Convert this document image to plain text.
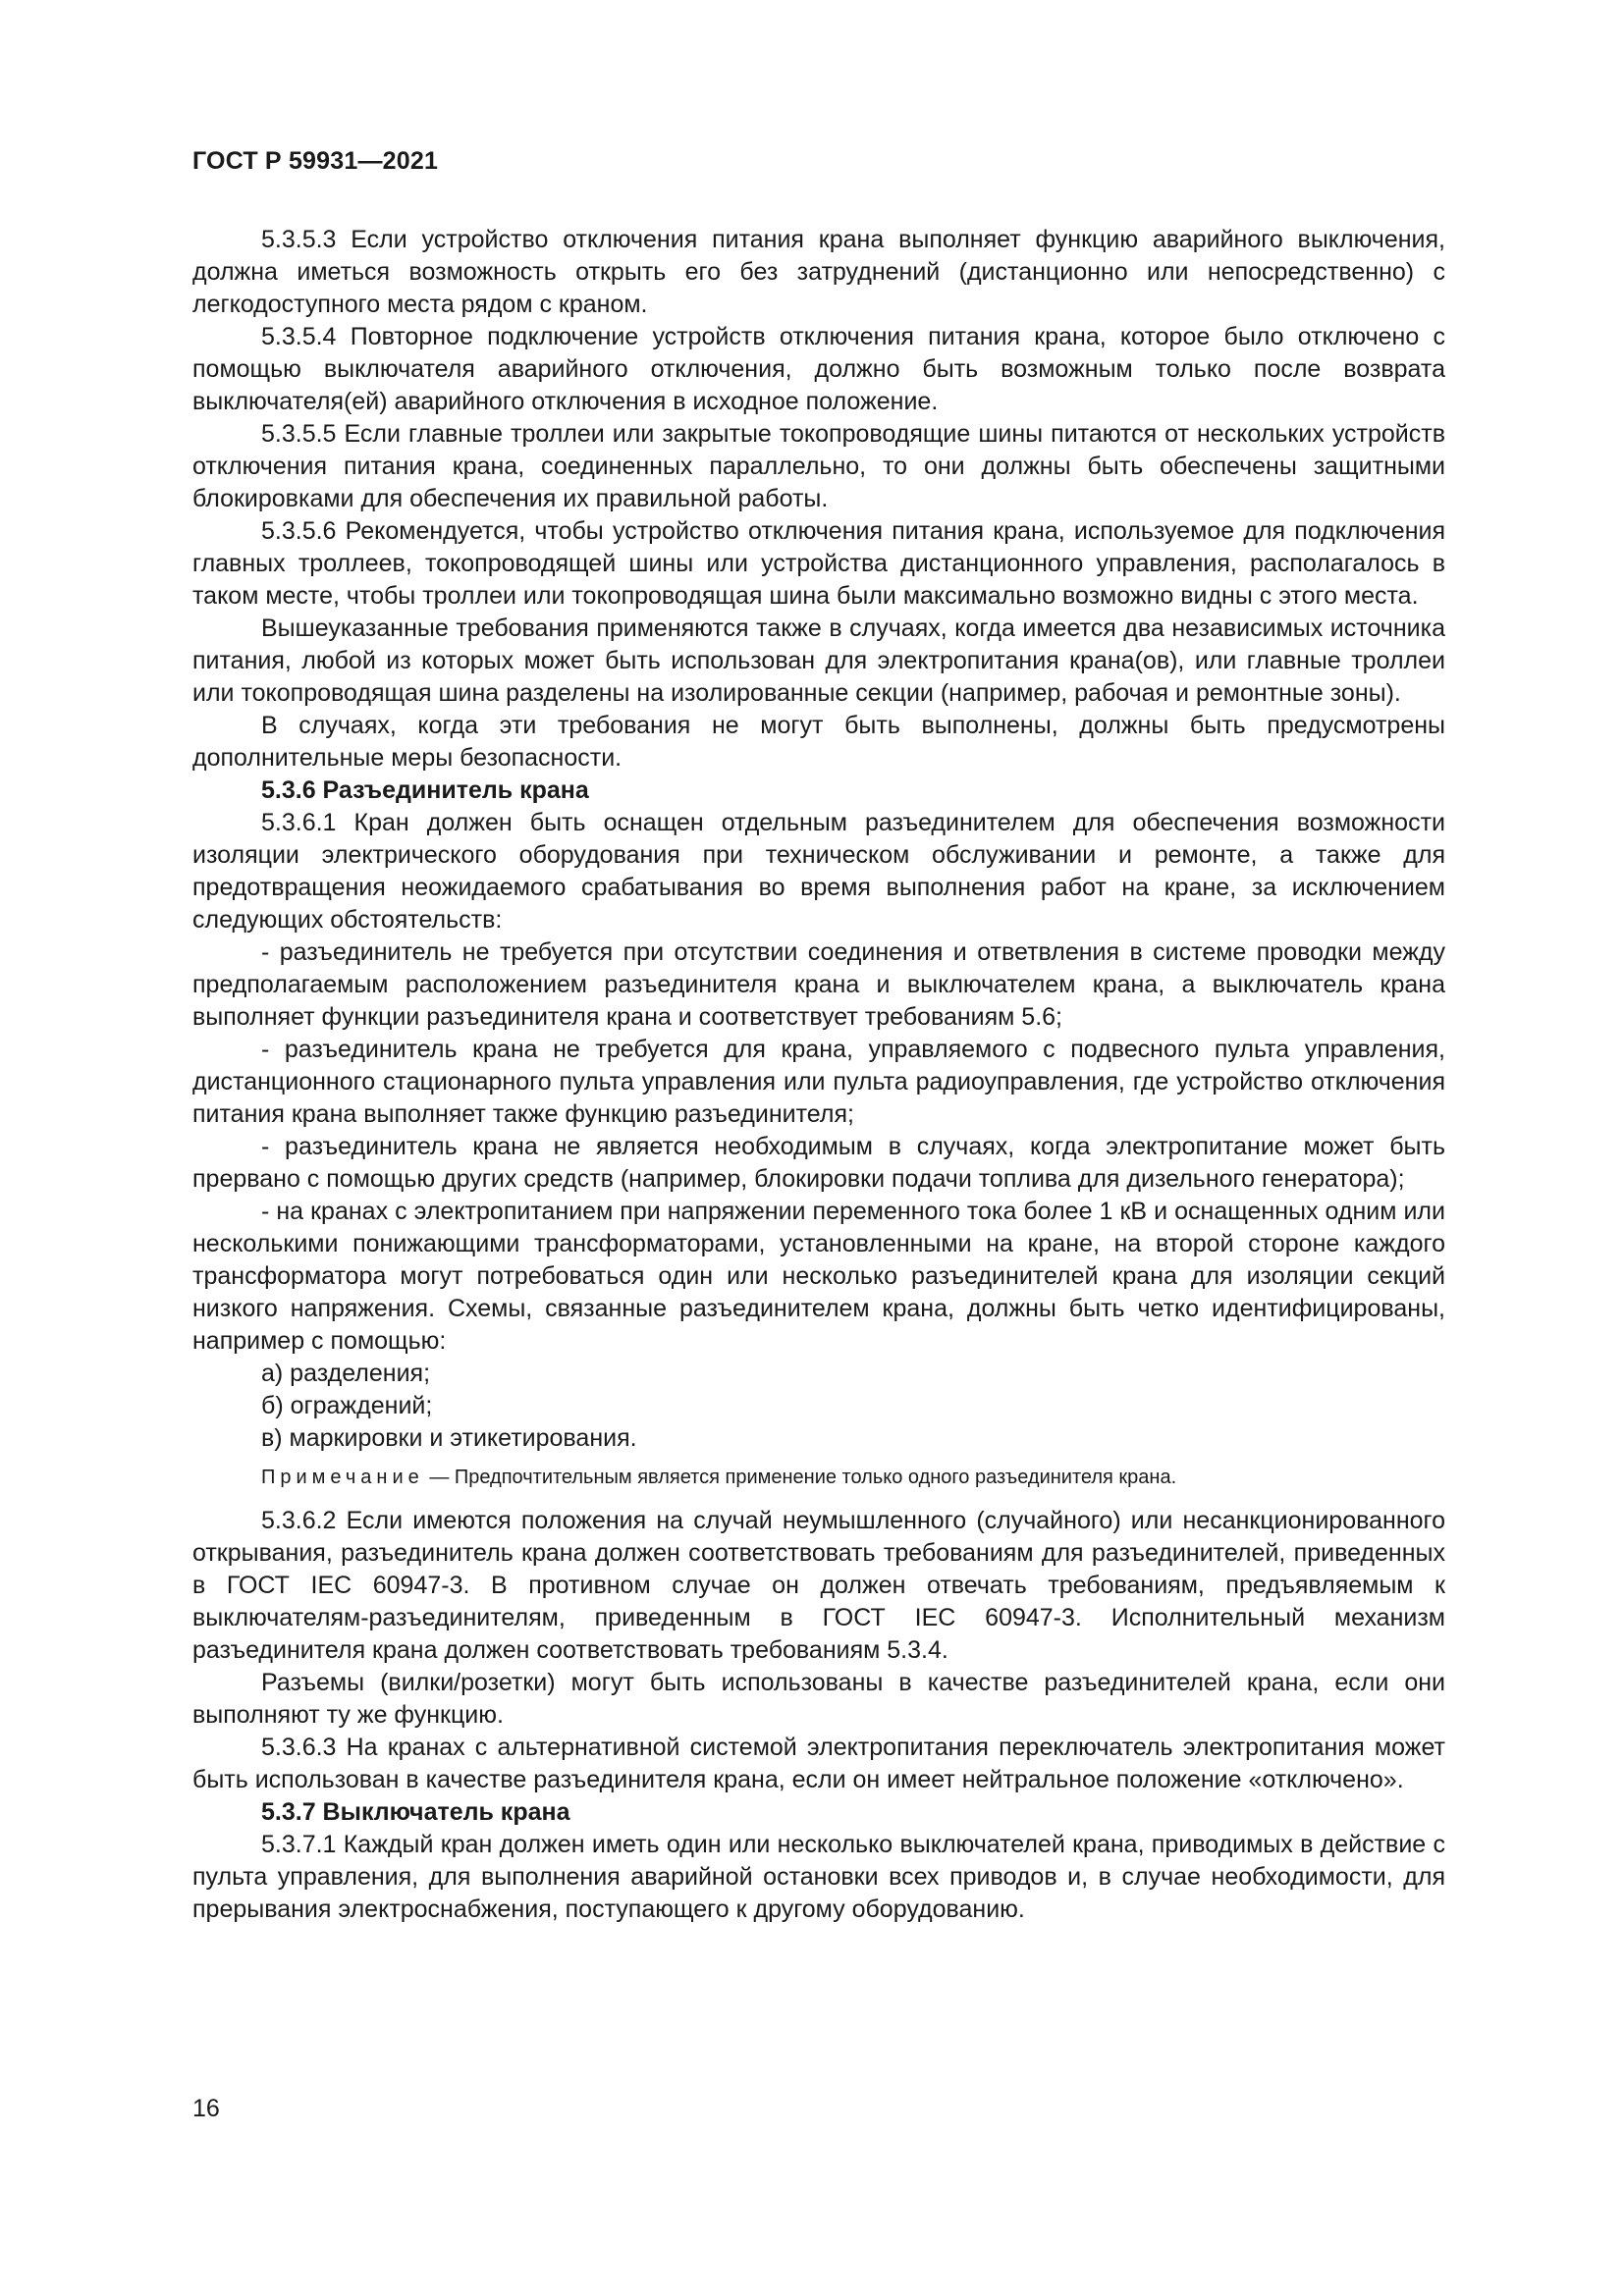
ГОСТ Р 59931—2021

5.3.5.3 Если устройство отключения питания крана выполняет функцию аварийного выключения, должна иметься возможность открыть его без затруднений (дистанционно или непосредственно) с легкодоступного места рядом с краном.

5.3.5.4 Повторное подключение устройств отключения питания крана, которое было отключено с помощью выключателя аварийного отключения, должно быть возможным только после возврата выключателя(ей) аварийного отключения в исходное положение.

5.3.5.5 Если главные троллеи или закрытые токопроводящие шины питаются от нескольких устройств отключения питания крана, соединенных параллельно, то они должны быть обеспечены защитными блокировками для обеспечения их правильной работы.

5.3.5.6 Рекомендуется, чтобы устройство отключения питания крана, используемое для подключения главных троллеев, токопроводящей шины или устройства дистанционного управления, располагалось в таком месте, чтобы троллеи или токопроводящая шина были максимально возможно видны с этого места.

Вышеуказанные требования применяются также в случаях, когда имеется два независимых источника питания, любой из которых может быть использован для электропитания крана(ов), или главные троллеи или токопроводящая шина разделены на изолированные секции (например, рабочая и ремонтные зоны).

В случаях, когда эти требования не могут быть выполнены, должны быть предусмотрены дополнительные меры безопасности.

5.3.6 Разъединитель крана

5.3.6.1 Кран должен быть оснащен отдельным разъединителем для обеспечения возможности изоляции электрического оборудования при техническом обслуживании и ремонте, а также для предотвращения неожидаемого срабатывания во время выполнения работ на кране, за исключением следующих обстоятельств:

- разъединитель не требуется при отсутствии соединения и ответвления в системе проводки между предполагаемым расположением разъединителя крана и выключателем крана, а выключатель крана выполняет функции разъединителя крана и соответствует требованиям 5.6;

- разъединитель крана не требуется для крана, управляемого с подвесного пульта управления, дистанционного стационарного пульта управления или пульта радиоуправления, где устройство отключения питания крана выполняет также функцию разъединителя;

- разъединитель крана не является необходимым в случаях, когда электропитание может быть прервано с помощью других средств (например, блокировки подачи топлива для дизельного генератора);

- на кранах с электропитанием при напряжении переменного тока более 1 кВ и оснащенных одним или несколькими понижающими трансформаторами, установленными на кране, на второй стороне каждого трансформатора могут потребоваться один или несколько разъединителей крана для изоляции секций низкого напряжения. Схемы, связанные разъединителем крана, должны быть четко идентифицированы, например с помощью:

а) разделения;

б) ограждений;

в) маркировки и этикетирования.

Примечание — Предпочтительным является применение только одного разъединителя крана.

5.3.6.2 Если имеются положения на случай неумышленного (случайного) или несанкционированного открывания, разъединитель крана должен соответствовать требованиям для разъединителей, приведенных в ГОСТ IEC 60947-3. В противном случае он должен отвечать требованиям, предъявляемым к выключателям-разъединителям, приведенным в ГОСТ IEC 60947-3. Исполнительный механизм разъединителя крана должен соответствовать требованиям 5.3.4.

Разъемы (вилки/розетки) могут быть использованы в качестве разъединителей крана, если они выполняют ту же функцию.

5.3.6.3 На кранах с альтернативной системой электропитания переключатель электропитания может быть использован в качестве разъединителя крана, если он имеет нейтральное положение «отключено».

5.3.7 Выключатель крана

5.3.7.1 Каждый кран должен иметь один или несколько выключателей крана, приводимых в действие с пульта управления, для выполнения аварийной остановки всех приводов и, в случае необходимости, для прерывания электроснабжения, поступающего к другому оборудованию.

16
